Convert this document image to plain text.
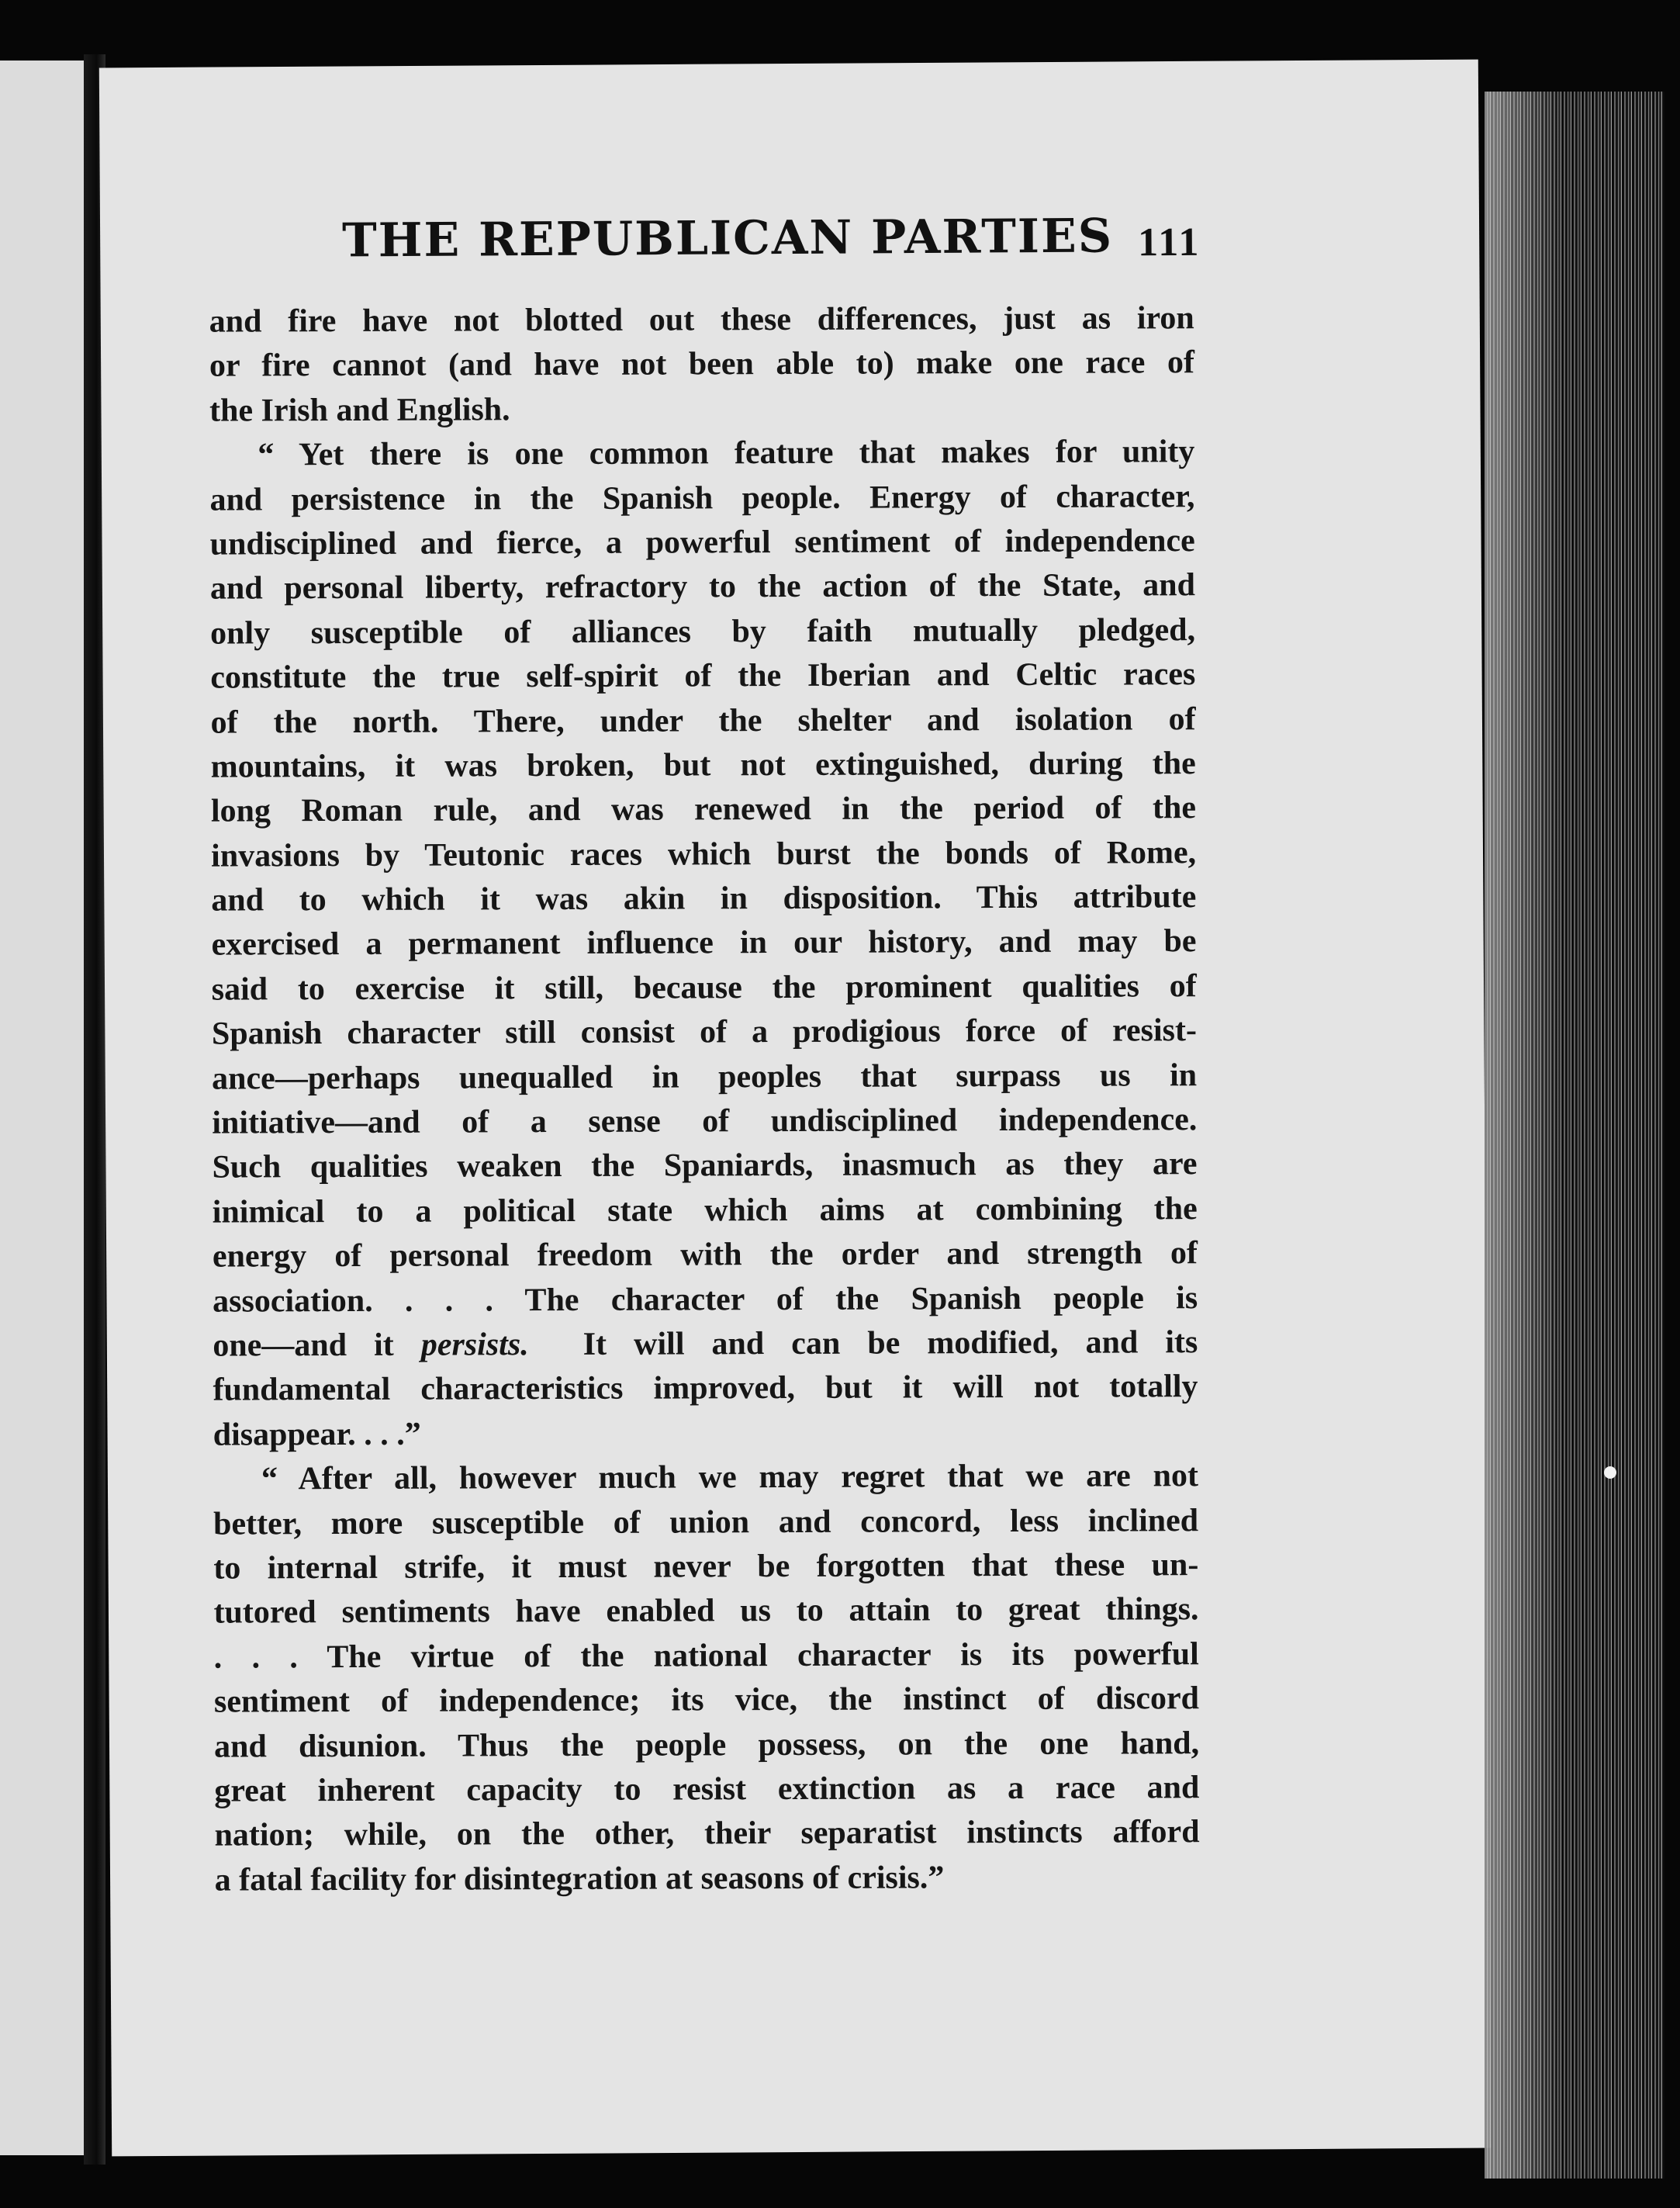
THE REPUBLICAN PARTIES 111
and fire have not blotted out these differences, just as iron
or fire cannot (and have not been able to) make one race of
the Irish and English.
“ Yet there is one common feature that makes for unity
and persistence in the Spanish people. Energy of character,
undisciplined and fierce, a powerful sentiment of independence
and personal liberty, refractory to the action of the State, and
only susceptible of alliances by faith mutually pledged,
constitute the true self-spirit of the Iberian and Celtic races
of the north. There, under the shelter and isolation of
mountains, it was broken, but not extinguished, during the
long Roman rule, and was renewed in the period of the
invasions by Teutonic races which burst the bonds of Rome,
and to which it was akin in disposition. This attribute
exercised a permanent influence in our history, and may be
said to exercise it still, because the prominent qualities of
Spanish character still consist of a prodigious force of resist-
ance—perhaps unequalled in peoples that surpass us in
initiative—and of a sense of undisciplined independence.
Such qualities weaken the Spaniards, inasmuch as they are
inimical to a political state which aims at combining the
energy of personal freedom with the order and strength of
association. . . . The character of the Spanish people is
one—and it persists.  It will and can be modified, and its
fundamental characteristics improved, but it will not totally
disappear. . . .”
“ After all, however much we may regret that we are not
better, more susceptible of union and concord, less inclined
to internal strife, it must never be forgotten that these un-
tutored sentiments have enabled us to attain to great things.
. . . The virtue of the national character is its powerful
sentiment of independence; its vice, the instinct of discord
and disunion. Thus the people possess, on the one hand,
great inherent capacity to resist extinction as a race and
nation; while, on the other, their separatist instincts afford
a fatal facility for disintegration at seasons of crisis.”
